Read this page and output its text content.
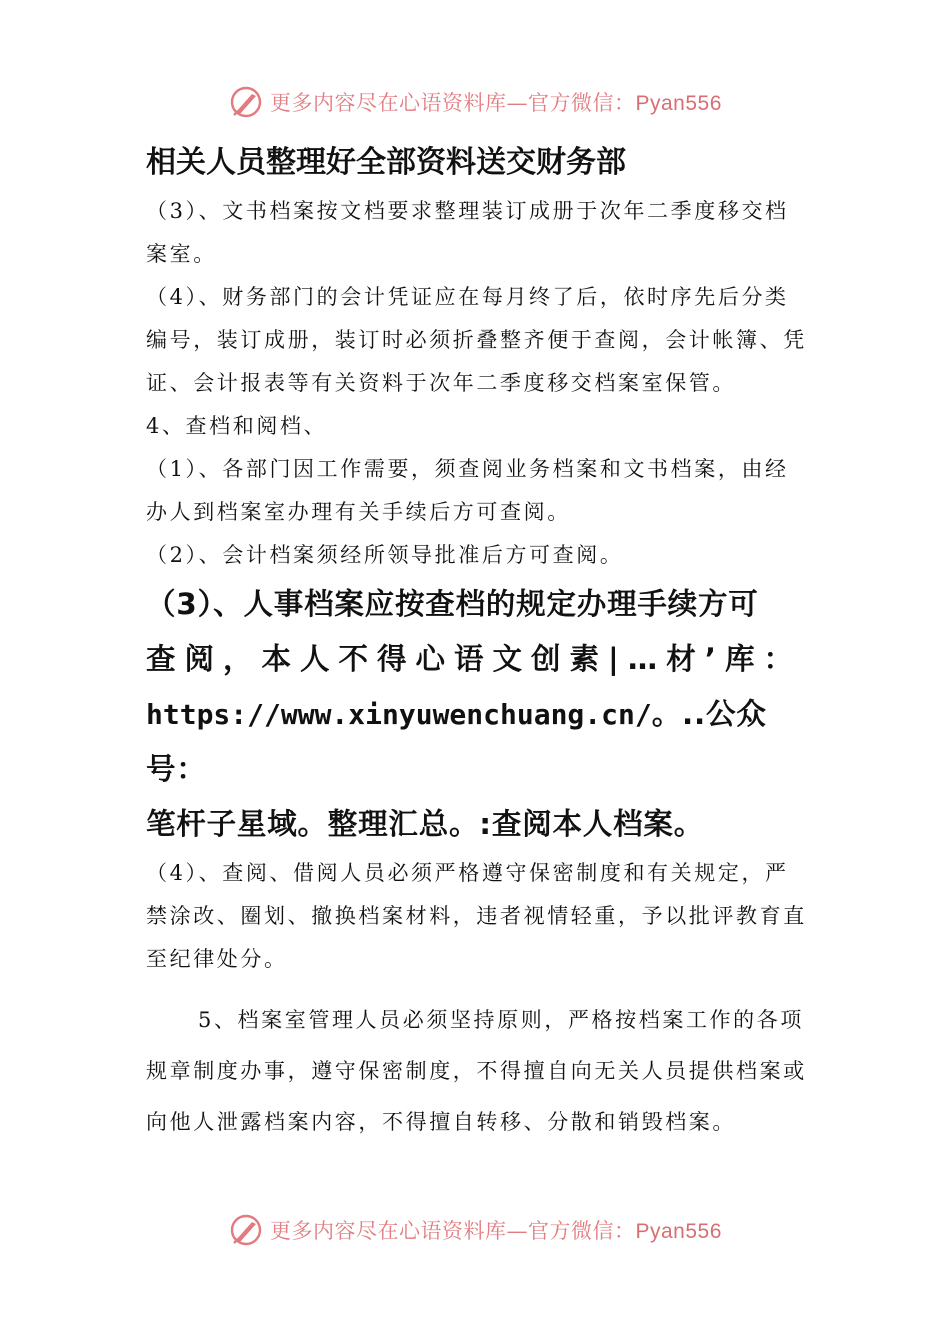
更多内容尽在心语资料库—官方微信：Pyan556

相关人员整理好全部资料送交财务部

（3）、文书档案按文档要求整理装订成册于次年二季度移交档案室。

（4）、财务部门的会计凭证应在每月终了后，依时序先后分类编号，装订成册，装订时必须折叠整齐便于查阅，会计帐簿、凭证、会计报表等有关资料于次年二季度移交档案室保管。

4、查档和阅档、

（1）、各部门因工作需要，须查阅业务档案和文书档案，由经办人到档案室办理有关手续后方可查阅。

（2）、会计档案须经所领导批准后方可查阅。

（3）、人事档案应按查档的规定办理手续方可

查阅，本人不得心语文创素|…材’库：

https://www.xinyuwenchuang.cn/。..公众号：

笔杆子星域。整理汇总。:查阅本人档案。

（4）、查阅、借阅人员必须严格遵守保密制度和有关规定，严禁涂改、圈划、撤换档案材料，违者视情轻重，予以批评教育直至纪律处分。

5、档案室管理人员必须坚持原则，严格按档案工作的各项规章制度办事，遵守保密制度，不得擅自向无关人员提供档案或向他人泄露档案内容，不得擅自转移、分散和销毁档案。

更多内容尽在心语资料库—官方微信：Pyan556
